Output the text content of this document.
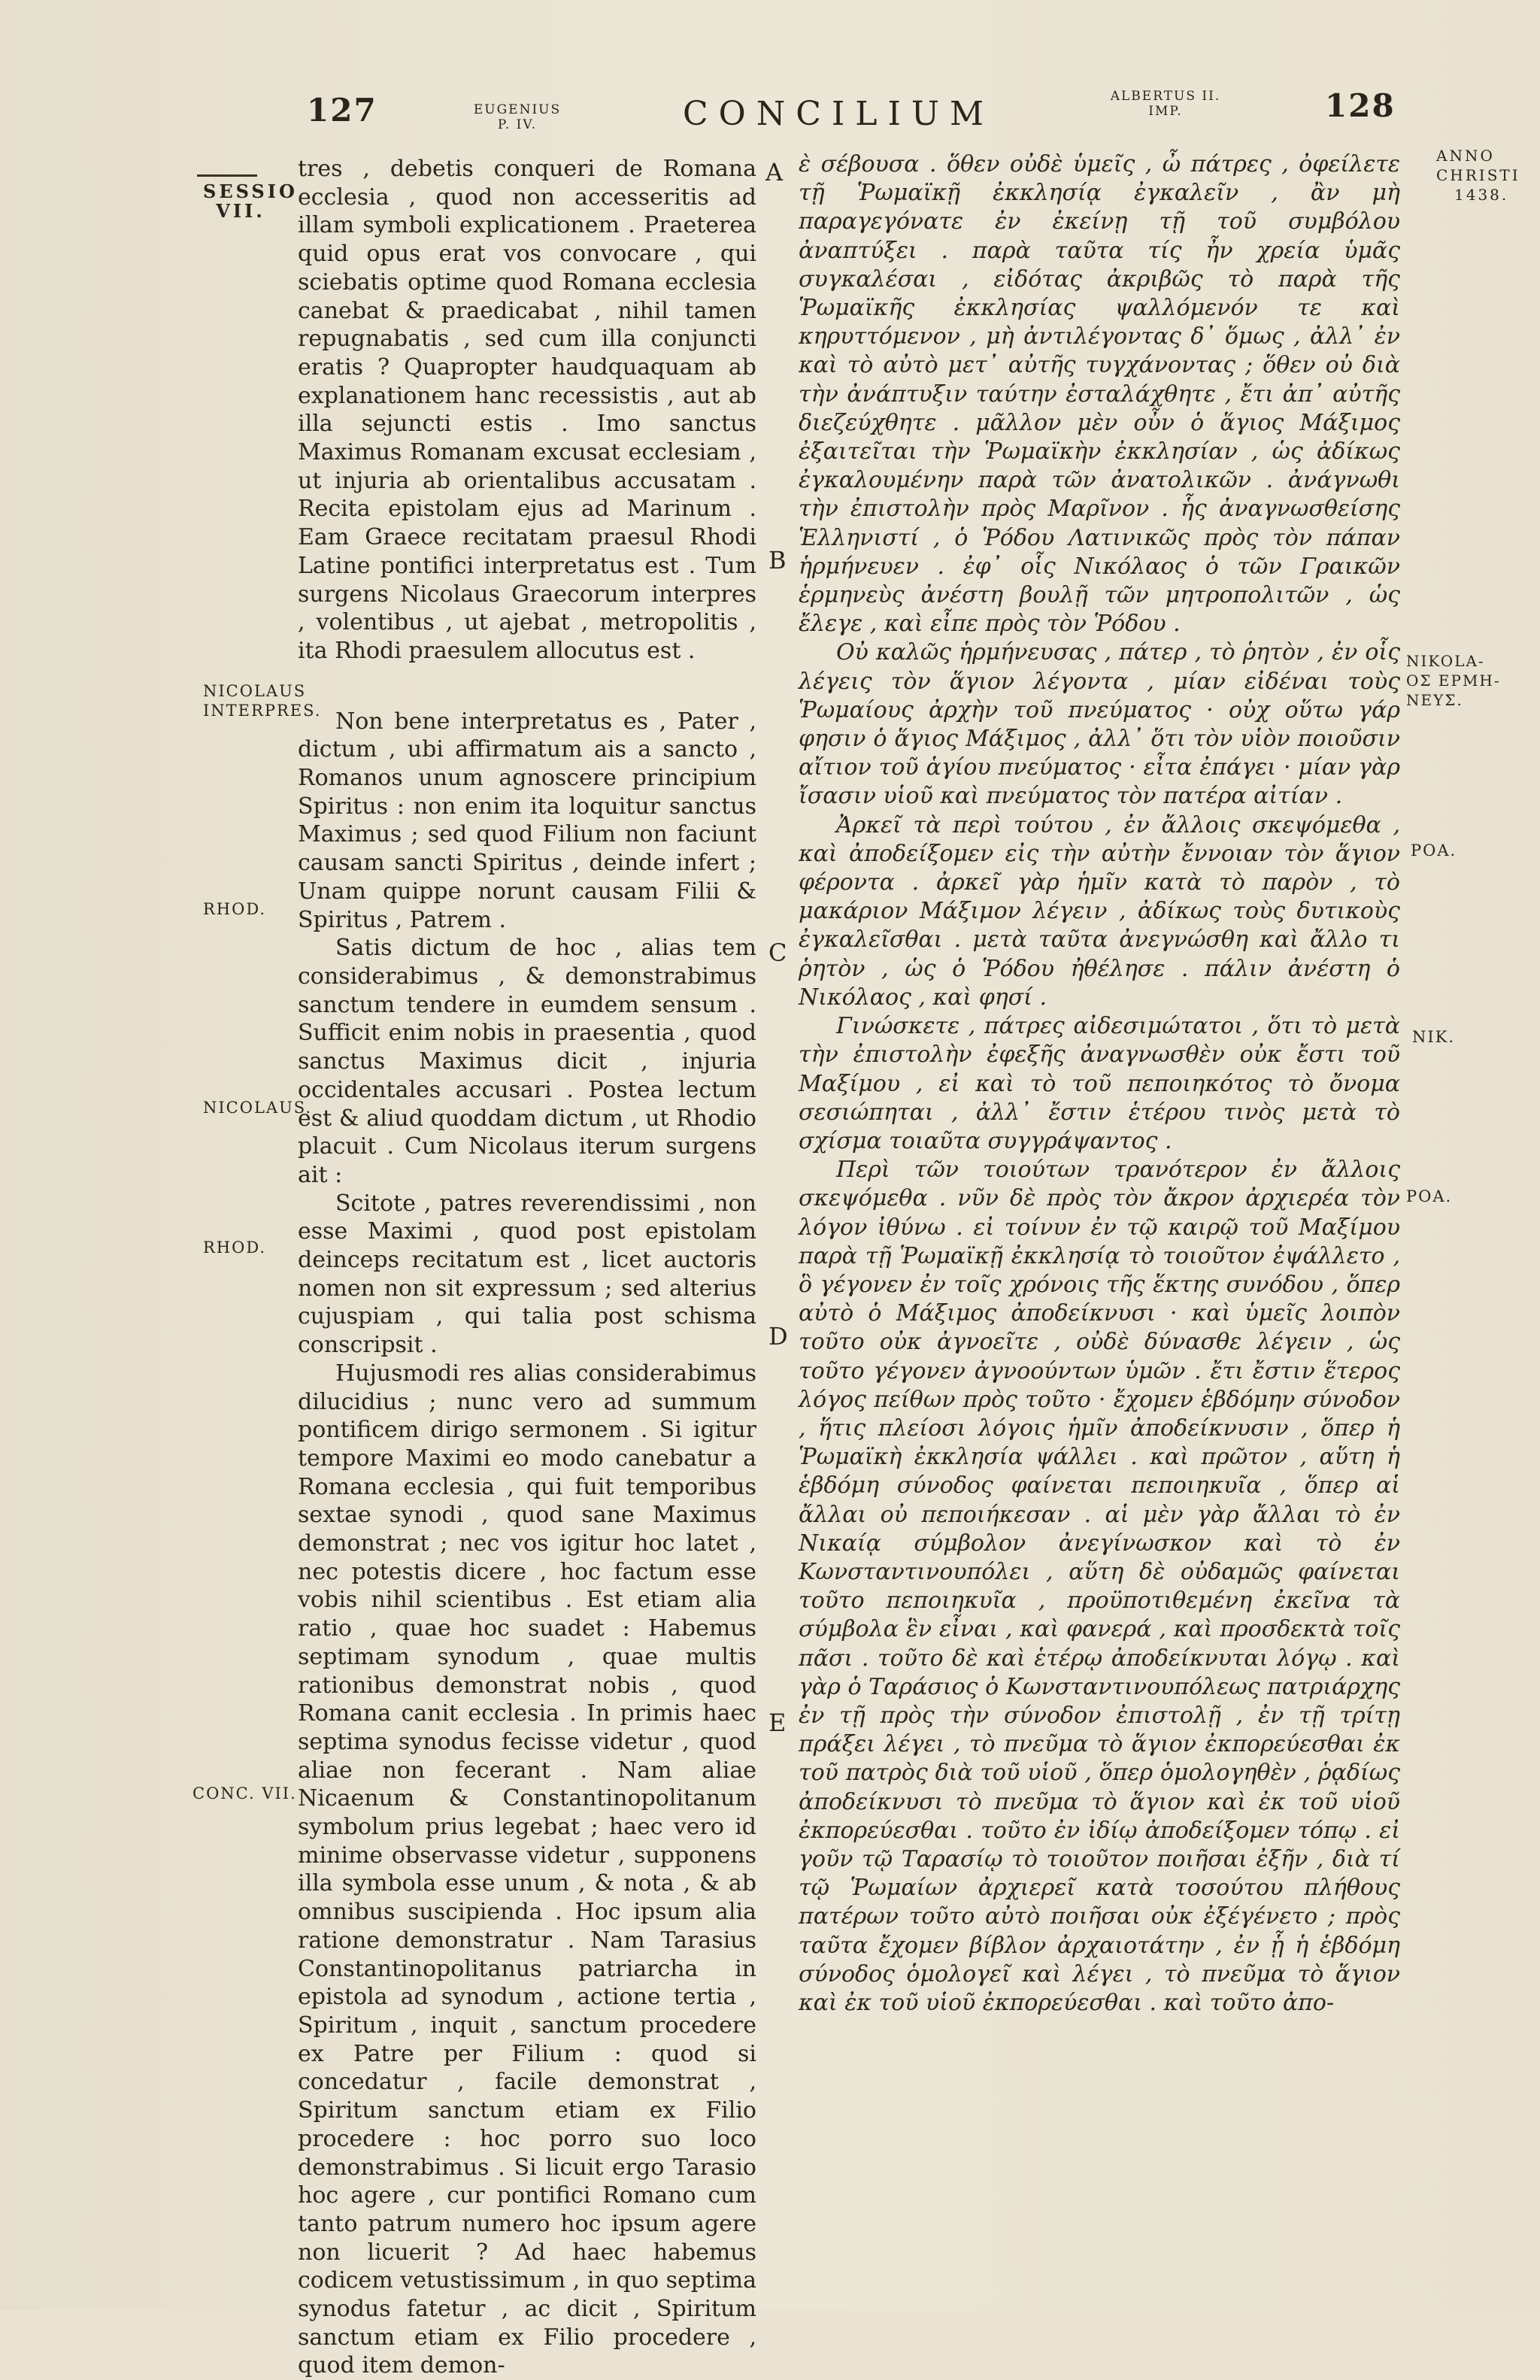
127	EUGENIUS
P. IV.	CONCILIUM	ALBERTUS II.
IMP.	128
SESSIO
VII.
NICOLAUS
INTERPRES.
RHOD.
NICOLAUS.
RHOD.
CONC. VII.
A
B
C
D
E

tres , debetis conqueri de Romana ecclesia , quod non accesseritis ad illam symboli explicationem . Praeterea quid opus erat vos convocare , qui sciebatis optime quod Romana ecclesia canebat & praedicabat , nihil tamen repugnabatis , sed cum illa conjuncti eratis ? Quapropter haudquaquam ab explanationem hanc recessistis , aut ab illa sejuncti estis . Imo sanctus Maximus Romanam excusat ecclesiam , ut injuria ab orientalibus accusatam . Recita epistolam ejus ad Marinum . Eam Graece recitatam praesul Rhodi Latine pontifici interpretatus est . Tum surgens Nicolaus Graecorum interpres , volentibus , ut ajebat , metropolitis , ita Rhodi praesulem allocutus est .

Non bene interpretatus es , Pater , dictum , ubi affirmatum ais a sancto , Romanos unum agnoscere principium Spiritus : non enim ita loquitur sanctus Maximus ; sed quod Filium non faciunt causam sancti Spiritus , deinde infert ; Unam quippe norunt causam Filii & Spiritus , Patrem .

Satis dictum de hoc , alias tem considerabimus , & demonstrabimus sanctum tendere in eumdem sensum . Sufficit enim nobis in praesentia , quod sanctus Maximus dicit , injuria occidentales accusari . Postea lectum est & aliud quoddam dictum , ut Rhodio placuit . Cum Nicolaus iterum surgens ait :

Scitote , patres reverendissimi , non esse Maximi , quod post epistolam deinceps recitatum est , licet auctoris nomen non sit expressum ; sed alterius cujuspiam , qui talia post schisma conscripsit .

Hujusmodi res alias considerabimus dilucidius ; nunc vero ad summum pontificem dirigo sermonem . Si igitur tempore Maximi eo modo canebatur a Romana ecclesia , qui fuit temporibus sextae synodi , quod sane Maximus demonstrat ; nec vos igitur hoc latet , nec potestis dicere , hoc factum esse vobis nihil scientibus . Est etiam alia ratio , quae hoc suadet : Habemus septimam synodum , quae multis rationibus demonstrat nobis , quod Romana canit ecclesia . In primis haec septima synodus fecisse videtur , quod aliae non fecerant . Nam aliae Nicaenum & Constantinopolitanum symbolum prius legebat ; haec vero id minime observasse videtur , supponens illa symbola esse unum , & nota , & ab omnibus suscipienda . Hoc ipsum alia ratione demonstratur . Nam Tarasius Constantinopolitanus patriarcha in epistola ad synodum , actione tertia , Spiritum , inquit , sanctum procedere ex Patre per Filium : quod si concedatur , facile demonstrat , Spiritum sanctum etiam ex Filio procedere : hoc porro suo loco demonstrabimus . Si licuit ergo Tarasio hoc agere , cur pontifici Romano cum tanto patrum numero hoc ipsum agere non licuerit ? Ad haec habemus codicem vetustissimum , in quo septima synodus fatetur , ac dicit , Spiritum sanctum etiam ex Filio procedere , quod item demon-

ὲ σέβουσα . ὅθεν οὐδὲ ὑμεῖς , ὦ πάτρες , ὀφείλετε τῇ Ῥωμαϊκῇ ἐκκλησίᾳ ἐγκαλεῖν , ἂν μὴ παραγεγόνατε ἐν ἐκείνῃ τῇ τοῦ συμβόλου ἀναπτύξει . παρὰ ταῦτα τίς ἦν χρεία ὑμᾶς συγκαλέσαι , εἰδότας ἀκριβῶς τὸ παρὰ τῆς Ῥωμαϊκῆς ἐκκλησίας ψαλλόμενόν τε καὶ κηρυττόμενον , μὴ ἀντιλέγοντας δ᾽ ὅμως , ἀλλ᾽ ἐν καὶ τὸ αὐτὸ μετ᾽ αὐτῆς τυγχάνοντας ; ὅθεν οὐ διὰ τὴν ἀνάπτυξιν ταύτην ἐσταλάχθητε , ἔτι ἀπ᾽ αὐτῆς διεζεύχθητε . μᾶλλον μὲν οὖν ὁ ἅγιος Μάξιμος ἐξαιτεῖται τὴν Ῥωμαϊκὴν ἐκκλησίαν , ὡς ἀδίκως ἐγκαλουμένην παρὰ τῶν ἀνατολικῶν . ἀνάγνωθι τὴν ἐπιστολὴν πρὸς Μαρῖνον . ἧς ἀναγνωσθείσης Ἑλληνιστί , ὁ Ῥόδου Λατινικῶς πρὸς τὸν πάπαν ἡρμήνευεν . ἐφ᾽ οἷς Νικόλαος ὁ τῶν Γραικῶν ἑρμηνεὺς ἀνέστη βουλῇ τῶν μητροπολιτῶν , ὡς ἔλεγε , καὶ εἶπε πρὸς τὸν Ῥόδου .

Οὐ καλῶς ἡρμήνευσας , πάτερ , τὸ ῥητὸν , ἐν οἷς λέγεις τὸν ἅγιον λέγοντα , μίαν εἰδέναι τοὺς Ῥωμαίους ἀρχὴν τοῦ πνεύματος · οὐχ οὕτω γάρ φησιν ὁ ἅγιος Μάξιμος , ἀλλ᾽ ὅτι τὸν υἱὸν ποιοῦσιν αἴτιον τοῦ ἁγίου πνεύματος · εἶτα ἐπάγει · μίαν γὰρ ἴσασιν υἱοῦ καὶ πνεύματος τὸν πατέρα αἰτίαν .

Ἀρκεῖ τὰ περὶ τούτου , ἐν ἄλλοις σκεψόμεθα , καὶ ἀποδείξομεν εἰς τὴν αὐτὴν ἔννοιαν τὸν ἅγιον φέροντα . ἀρκεῖ γὰρ ἡμῖν κατὰ τὸ παρὸν , τὸ μακάριον Μάξιμον λέγειν , ἀδίκως τοὺς δυτικοὺς ἐγκαλεῖσθαι . μετὰ ταῦτα ἀνεγνώσθη καὶ ἄλλο τι ῥητὸν , ὡς ὁ Ῥόδου ἠθέλησε . πάλιν ἀνέστη ὁ Νικόλαος , καὶ φησί .

Γινώσκετε , πάτρες αἰδεσιμώτατοι , ὅτι τὸ μετὰ τὴν ἐπιστολὴν ἐφεξῆς ἀναγνωσθὲν οὐκ ἔστι τοῦ Μαξίμου , εἰ καὶ τὸ τοῦ πεποιηκότος τὸ ὄνομα σεσιώπηται , ἀλλ᾽ ἔστιν ἑτέρου τινὸς μετὰ τὸ σχίσμα τοιαῦτα συγγράψαντος .

Περὶ τῶν τοιούτων τρανότερον ἐν ἄλλοις σκεψόμεθα . νῦν δὲ πρὸς τὸν ἄκρον ἀρχιερέα τὸν λόγον ἰθύνω . εἰ τοίνυν ἐν τῷ καιρῷ τοῦ Μαξίμου παρὰ τῇ Ῥωμαϊκῇ ἐκκλησίᾳ τὸ τοιοῦτον ἐψάλλετο , ὃ γέγονεν ἐν τοῖς χρόνοις τῆς ἕκτης συνόδου , ὅπερ αὐτὸ ὁ Μάξιμος ἀποδείκνυσι · καὶ ὑμεῖς λοιπὸν τοῦτο οὐκ ἀγνοεῖτε , οὐδὲ δύνασθε λέγειν , ὡς τοῦτο γέγονεν ἀγνοούντων ὑμῶν . ἔτι ἔστιν ἕτερος λόγος πείθων πρὸς τοῦτο · ἔχομεν ἑβδόμην σύνοδον , ἥτις πλείοσι λόγοις ἡμῖν ἀποδείκνυσιν , ὅπερ ἡ Ῥωμαϊκὴ ἐκκλησία ψάλλει . καὶ πρῶτον , αὕτη ἡ ἑβδόμη σύνοδος φαίνεται πεποιηκυῖα , ὅπερ αἱ ἄλλαι οὐ πεποιήκεσαν . αἱ μὲν γὰρ ἄλλαι τὸ ἐν Νικαίᾳ σύμβολον ἀνεγίνωσκον καὶ τὸ ἐν Κωνσταντινουπόλει , αὕτη δὲ οὐδαμῶς φαίνεται τοῦτο πεποιηκυῖα , προϋποτιθεμένη ἐκεῖνα τὰ σύμβολα ἓν εἶναι , καὶ φανερά , καὶ προσδεκτὰ τοῖς πᾶσι . τοῦτο δὲ καὶ ἑτέρῳ ἀποδείκνυται λόγῳ . καὶ γὰρ ὁ Ταράσιος ὁ Κωνσταντινουπόλεως πατριάρχης ἐν τῇ πρὸς τὴν σύνοδον ἐπιστολῇ , ἐν τῇ τρίτῃ πράξει λέγει , τὸ πνεῦμα τὸ ἅγιον ἐκπορεύεσθαι ἐκ τοῦ πατρὸς διὰ τοῦ υἱοῦ , ὅπερ ὁμολογηθὲν , ῥᾳδίως ἀποδείκνυσι τὸ πνεῦμα τὸ ἅγιον καὶ ἐκ τοῦ υἱοῦ ἐκπορεύεσθαι . τοῦτο ἐν ἰδίῳ ἀποδείξομεν τόπῳ . εἰ γοῦν τῷ Ταρασίῳ τὸ τοιοῦτον ποιῆσαι ἐξῆν , διὰ τί τῷ Ῥωμαίων ἀρχιερεῖ κατὰ τοσούτου πλήθους πατέρων τοῦτο αὐτὸ ποιῆσαι οὐκ ἐξέγένετο ; πρὸς ταῦτα ἔχομεν βίβλον ἀρχαιοτάτην , ἐν ᾗ ἡ ἑβδόμη σύνοδος ὁμολογεῖ καὶ λέγει , τὸ πνεῦμα τὸ ἅγιον καὶ ἐκ τοῦ υἱοῦ ἐκπορεύεσθαι . καὶ τοῦτο ἀπο-

ANNO
CHRISTI
1438.
NIKOLA-
OΣ EPMH-
NEYΣ.
POA.
NIK.
POA.
